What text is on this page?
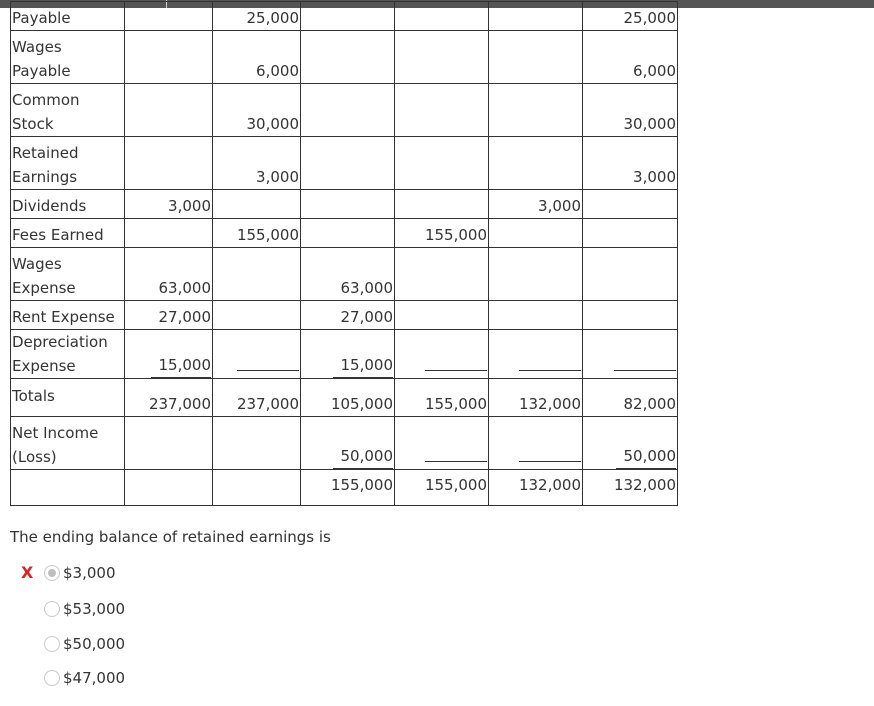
Payable		25,000				25,000
Wages Payable		6,000				6,000
Common Stock		30,000				30,000
Retained Earnings		3,000				3,000
Dividends	3,000				3,000	
Fees Earned		155,000		155,000		
Wages Expense	63,000		63,000			
Rent Expense	27,000		27,000			
Depreciation Expense	15,000		15,000			
Totals	237,000	237,000	105,000	155,000	132,000	82,000
Net Income (Loss)			50,000			50,000
			155,000	155,000	132,000	132,000
The ending balance of retained earnings is
X $3,000
$53,000
$50,000
$47,000
